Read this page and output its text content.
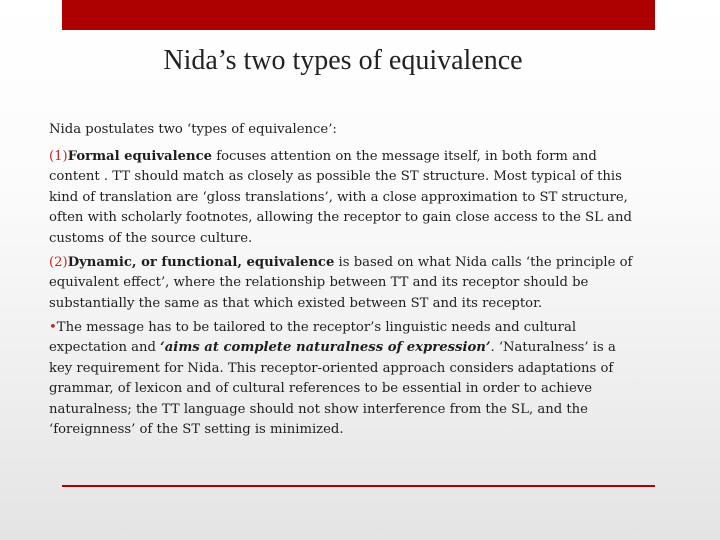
Nida’s two types of equivalence

Nida postulates two ‘types of equivalence’:

(1)Formal equivalence focuses attention on the message itself, in both form and content . TT should match as closely as possible the ST structure. Most typical of this kind of translation are ‘gloss translations’, with a close approximation to ST structure, often with scholarly footnotes, allowing the receptor to gain close access to the SL and customs of the source culture.

(2)Dynamic, or functional, equivalence is based on what Nida calls ‘the principle of equivalent effect’, where the relationship between TT and its receptor should be substantially the same as that which existed between ST and its receptor.

•The message has to be tailored to the receptor’s linguistic needs and cultural expectation and ‘aims at complete naturalness of expression’. ‘Naturalness’ is a key requirement for Nida. This receptor-oriented approach considers adaptations of grammar, of lexicon and of cultural references to be essential in order to achieve naturalness; the TT language should not show interference from the SL, and the ‘foreignness’ of the ST setting is minimized.
